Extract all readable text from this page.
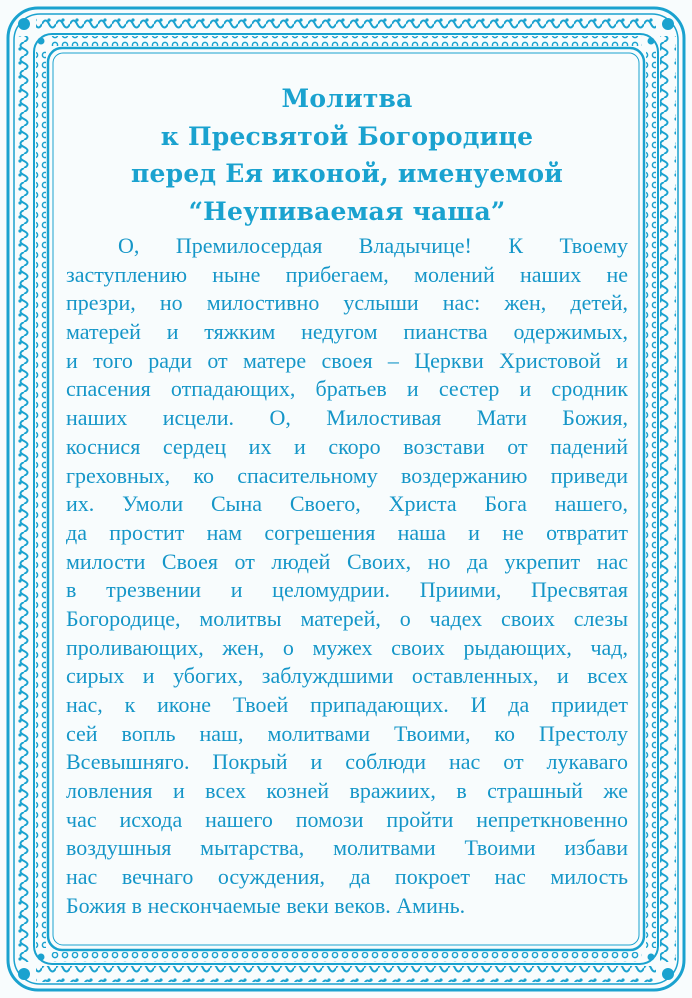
Молитва
к Пресвятой Богородице
перед Ея иконой, именуемой
“Неупиваемая чаша”
О, Премилосердая Владычице! К Твоему
заступлению ныне прибегаем, молений наших не
презри, но милостивно услыши нас: жен, детей,
матерей и тяжким недугом пианства одержимых,
и того ради от матере своея – Церкви Христовой и
спасения отпадающих, братьев и сестер и сродник
наших исцели. О, Милостивая Мати Божия,
коснися сердец их и скоро возстави от падений
греховных, ко спасительному воздержанию приведи
их. Умоли Сына Своего, Христа Бога нашего,
да простит нам согрешения наша и не отвратит
милости Своея от людей Своих, но да укрепит нас
в трезвении и целомудрии. Приими, Пресвятая
Богородице, молитвы матерей, о чадех своих слезы
проливающих, жен, о мужех своих рыдающих, чад,
сирых и убогих, заблуждшими оставленных, и всех
нас, к иконе Твоей припадающих. И да приидет
сей вопль наш, молитвами Твоими, ко Престолу
Всевышняго. Покрый и соблюди нас от лукаваго
ловления и всех козней вражиих, в страшный же
час исхода нашего помози пройти непреткновенно
воздушныя мытарства, молитвами Твоими избави
нас вечнаго осуждения, да покроет нас милость
Божия в нескончаемые веки веков. Аминь.
